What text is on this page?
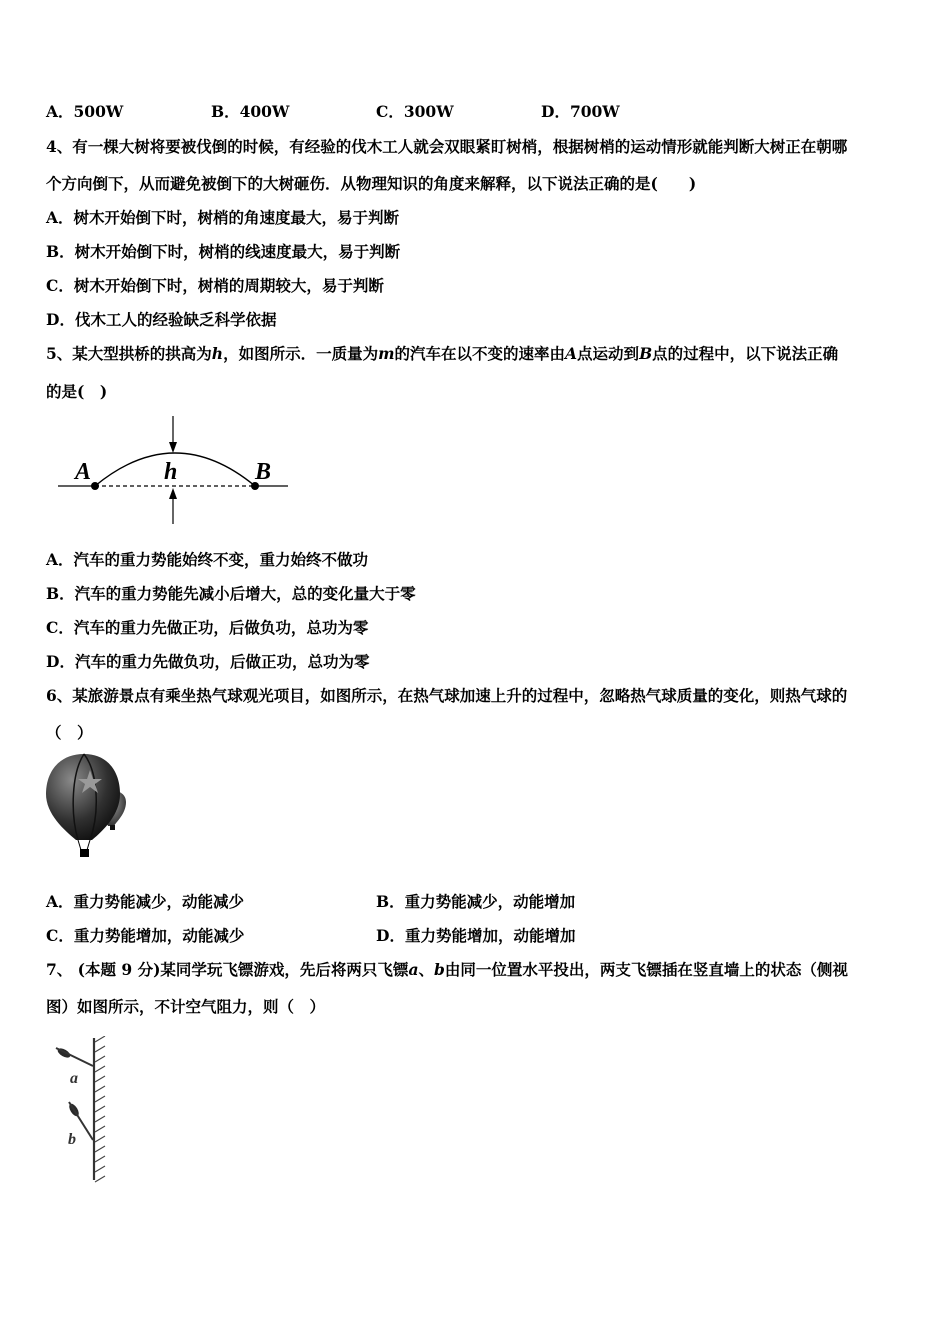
A．500W	B．400W	C．300W	D．700W
4、有一棵大树将要被伐倒的时候，有经验的伐木工人就会双眼紧盯树梢，根据树梢的运动情形就能判断大树正在朝哪
个方向倒下，从而避免被倒下的大树砸伤．从物理知识的角度来解释，以下说法正确的是(　　)
A．树木开始倒下时，树梢的角速度最大，易于判断
B．树木开始倒下时，树梢的线速度最大，易于判断
C．树木开始倒下时，树梢的周期较大，易于判断
D．伐木工人的经验缺乏科学依据
5、某大型拱桥的拱高为h，如图所示．一质量为m的汽车在以不变的速率由A点运动到B点的过程中，以下说法正确
的是(　)
A	h	B
A．汽车的重力势能始终不变，重力始终不做功
B．汽车的重力势能先减小后增大，总的变化量大于零
C．汽车的重力先做正功，后做负功，总功为零
D．汽车的重力先做负功，后做正功，总功为零
6、某旅游景点有乘坐热气球观光项目，如图所示，在热气球加速上升的过程中，忽略热气球质量的变化，则热气球的
（　）
A．重力势能减少，动能减少	B．重力势能减少，动能增加
C．重力势能增加，动能减少	D．重力势能增加，动能增加
7、 (本题 9 分)某同学玩飞镖游戏，先后将两只飞镖a、b由同一位置水平投出，两支飞镖插在竖直墙上的状态（侧视
图）如图所示，不计空气阻力，则（　）
a
b
